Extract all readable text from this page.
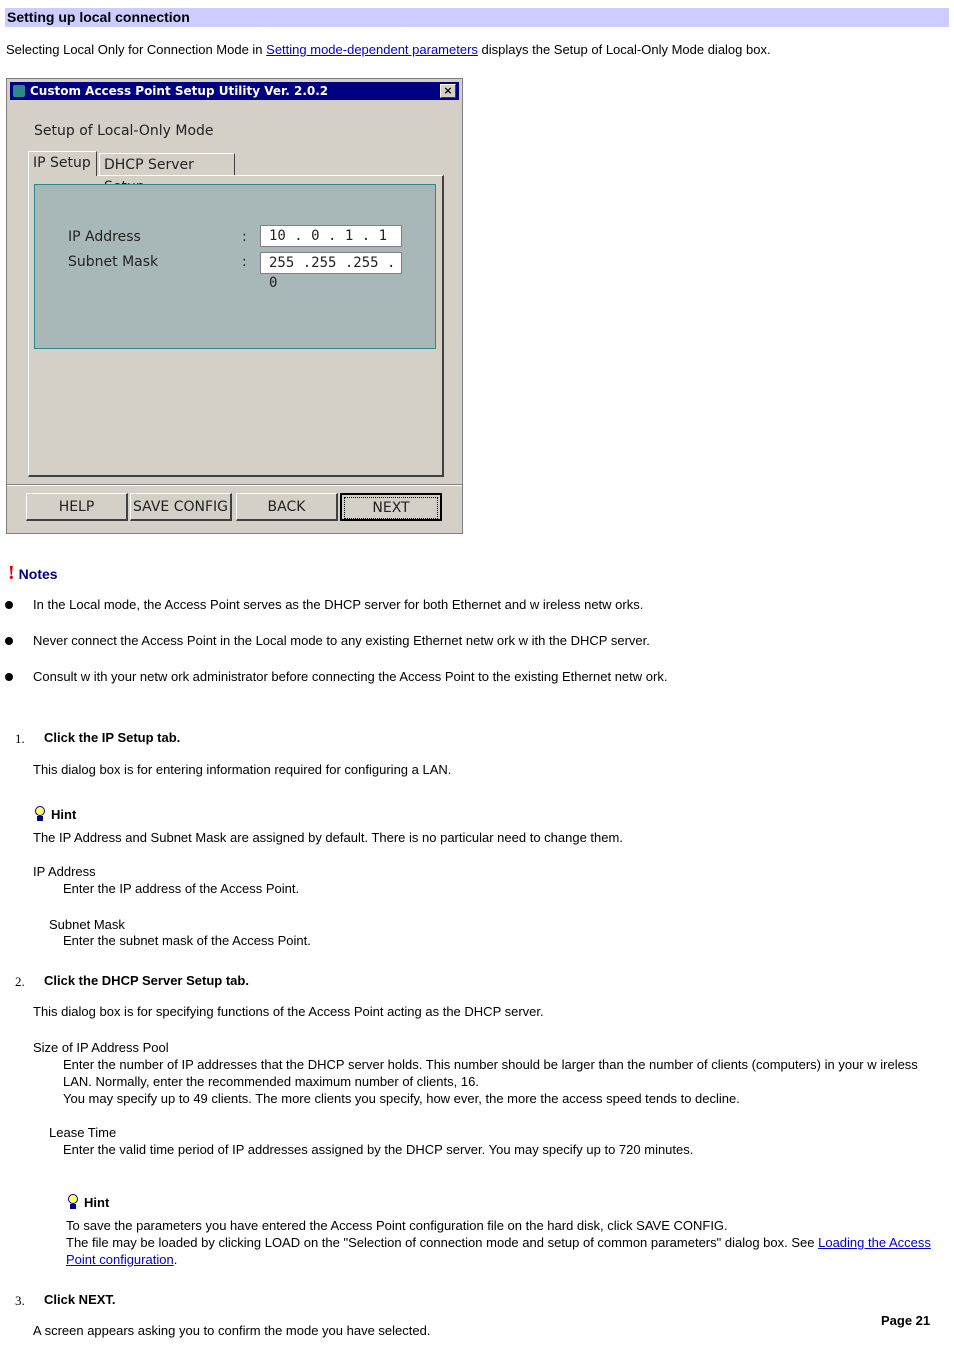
Setting up local connection
Selecting Local Only for Connection Mode in Setting mode-dependent parameters displays the Setup of Local-Only Mode dialog box.
Custom Access Point Setup Utility Ver. 2.0.2	×
Setup of Local-Only Mode
IP Setup DHCP Server
IP Address	:	10 . 0 . 1 . 1
Subnet Mask	:	255 .255 .255 . 0
HELP	SAVE CONFIG	BACK	NEXT
! Notes
In the Local mode, the Access Point serves as the DHCP server for both Ethernet and w ireless netw orks.
Never connect the Access Point in the Local mode to any existing Ethernet netw ork w ith the DHCP server.
Consult w ith your netw ork administrator before connecting the Access Point to the existing Ethernet netw ork.
1. Click the IP Setup tab.
This dialog box is for entering information required for configuring a LAN.
Hint
The IP Address and Subnet Mask are assigned by default. There is no particular need to change them.
IP Address
Enter the IP address of the Access Point.
Subnet Mask
Enter the subnet mask of the Access Point.
2. Click the DHCP Server Setup tab.
This dialog box is for specifying functions of the Access Point acting as the DHCP server.
Size of IP Address Pool
Enter the number of IP addresses that the DHCP server holds. This number should be larger than the number of clients (computers) in your w ireless
LAN. Normally, enter the recommended maximum number of clients, 16.
You may specify up to 49 clients. The more clients you specify, how ever, the more the access speed tends to decline.
Lease Time
Enter the valid time period of IP addresses assigned by the DHCP server. You may specify up to 720 minutes.
Hint
To save the parameters you have entered the Access Point configuration file on the hard disk, click SAVE CONFIG.
The file may be loaded by clicking LOAD on the "Selection of connection mode and setup of common parameters" dialog box. See Loading the Access
Point configuration.
3. Click NEXT.
A screen appears asking you to confirm the mode you have selected.
Page 21
